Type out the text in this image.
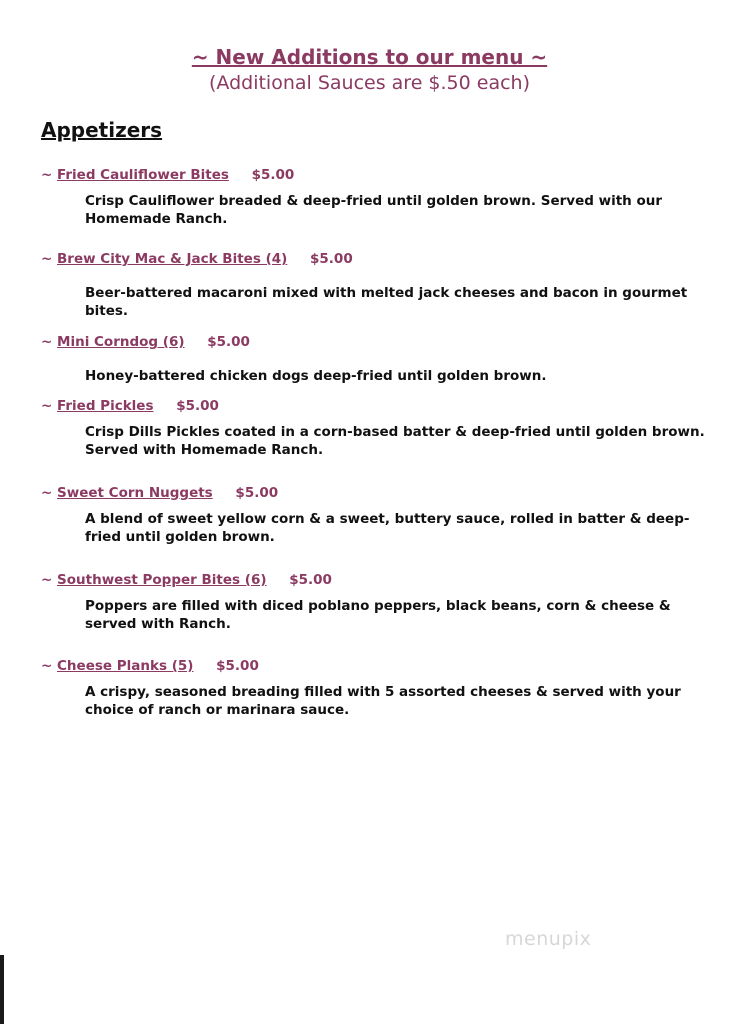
~ New Additions to our menu ~
(Additional Sauces are $.50 each)
Appetizers
~ Fried Cauliflower Bites $5.00
Crisp Cauliflower breaded & deep-fried until golden brown. Served with our Homemade Ranch.
~ Brew City Mac & Jack Bites (4) $5.00
Beer-battered macaroni mixed with melted jack cheeses and bacon in gourmet bites.
~ Mini Corndog (6) $5.00
Honey-battered chicken dogs deep-fried until golden brown.
~ Fried Pickles $5.00
Crisp Dills Pickles coated in a corn-based batter & deep-fried until golden brown. Served with Homemade Ranch.
~ Sweet Corn Nuggets $5.00
A blend of sweet yellow corn & a sweet, buttery sauce, rolled in batter & deep-fried until golden brown.
~ Southwest Popper Bites (6) $5.00
Poppers are filled with diced poblano peppers, black beans, corn & cheese & served with Ranch.
~ Cheese Planks (5) $5.00
A crispy, seasoned breading filled with 5 assorted cheeses & served with your choice of ranch or marinara sauce.
menupix
